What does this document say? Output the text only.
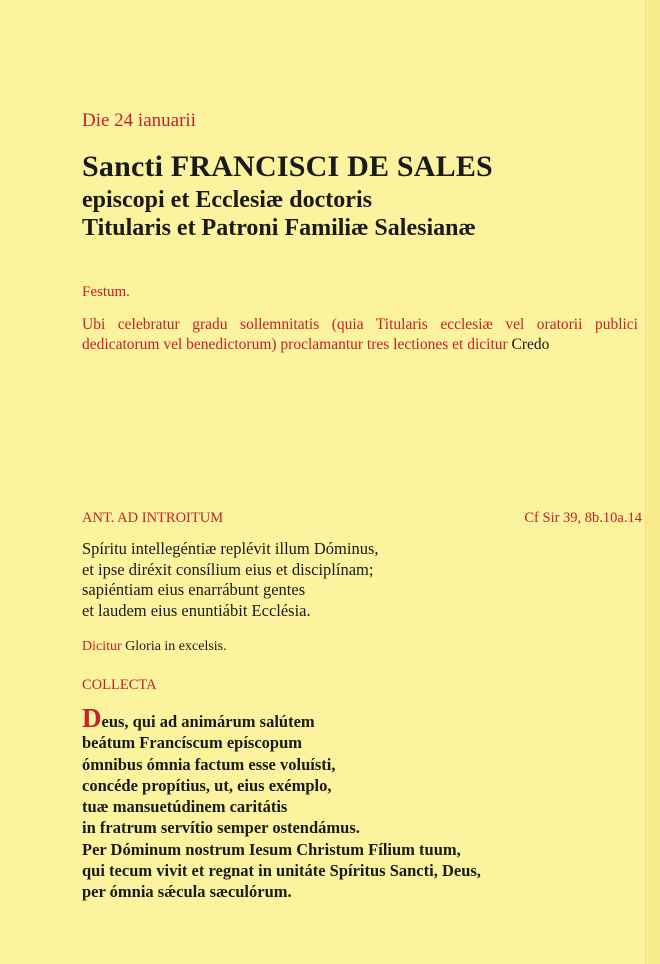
Die 24 ianuarii

Sancti FRANCISCI DE SALES

episcopi et Ecclesiæ doctoris

Titularis et Patroni Familiæ Salesianæ

Festum.

Ubi celebratur gradu sollemnitatis (quia Titularis ecclesiæ vel oratorii publici dedicatorum vel benedictorum) proclamantur tres lectiones et dicitur Credo

ANT. AD INTROITUM	Cf Sir 39, 8b.10a.14
Spíritu intellegéntiæ replévit illum Dóminus,
et ipse diréxit consílium eius et disciplínam;
sapiéntiam eius enarrábunt gentes
et laudem eius enuntiábit Ecclésia.

Dicitur Gloria in excelsis.

COLLECTA

Deus, qui ad animárum salútem
beátum Francíscum epíscopum
ómnibus ómnia factum esse voluísti,
concéde propítius, ut, eius exémplo,
tuæ mansuetúdinem caritátis
in fratrum servítio semper ostendámus.
Per Dóminum nostrum Iesum Christum Fílium tuum,
qui tecum vivit et regnat in unitáte Spíritus Sancti, Deus,
per ómnia sǽcula sæculórum.
